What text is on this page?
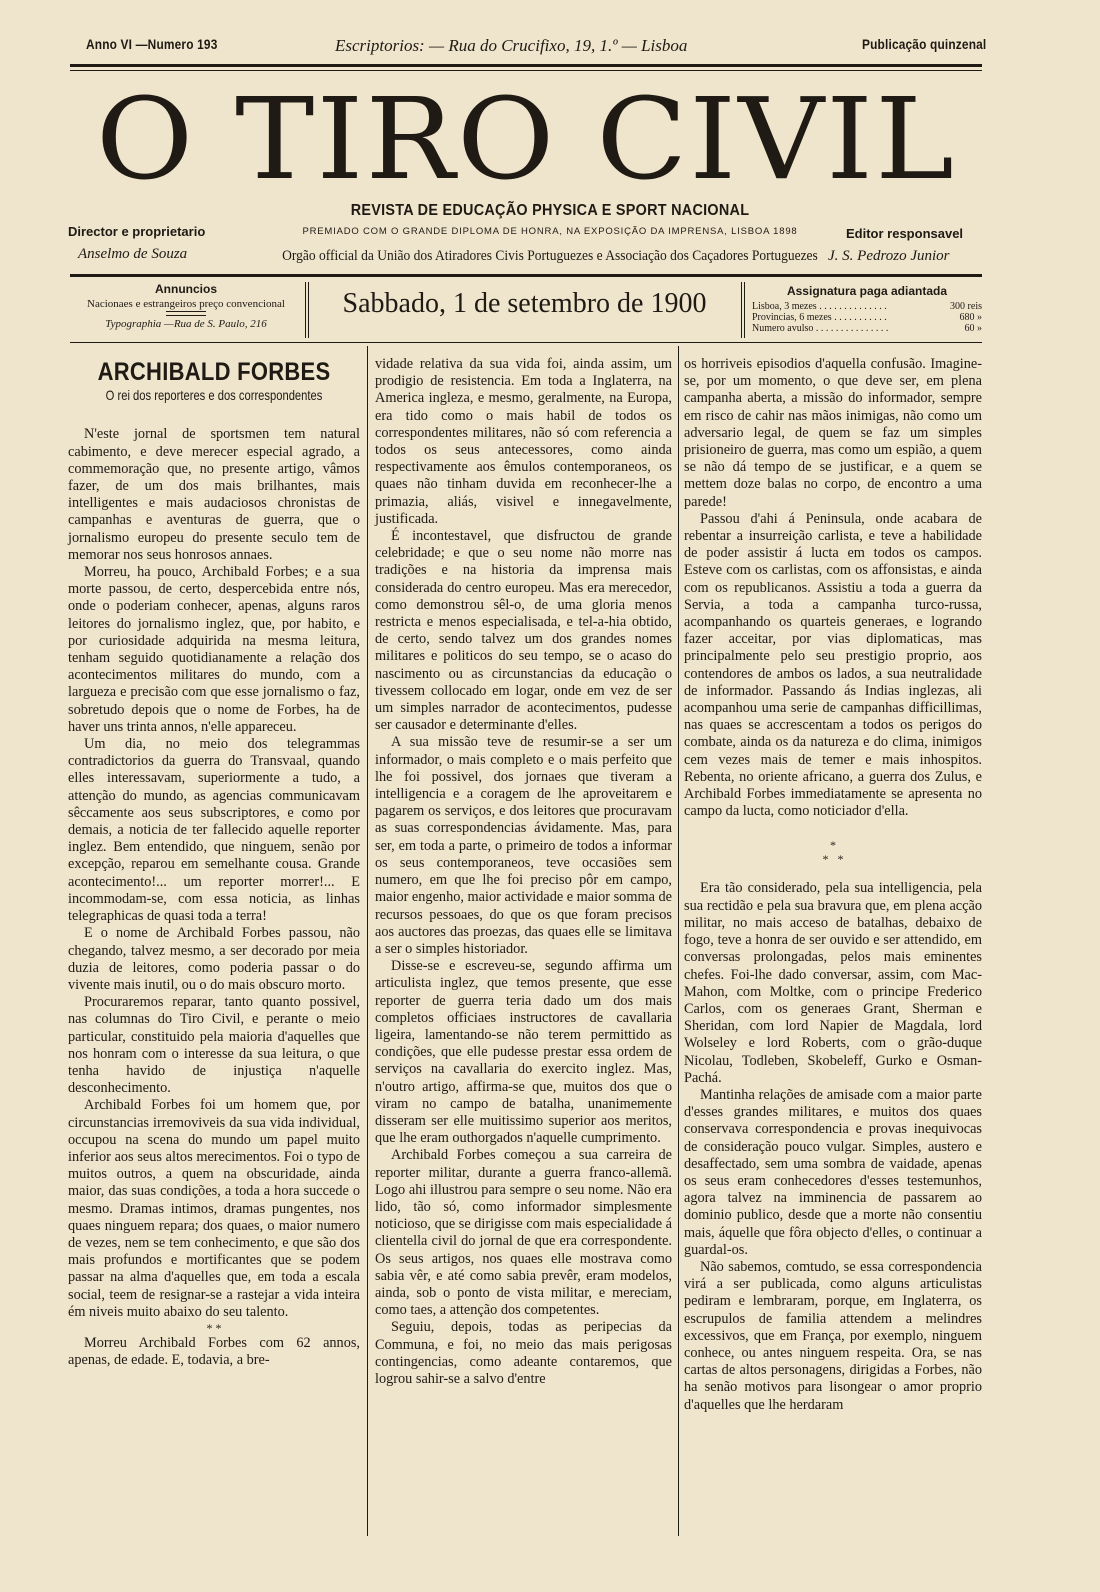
Anno VI —Numero 193	Escriptorios: — Rua do Crucifixo, 19, 1.º — Lisboa	Publicação quinzenal
O TIRO CIVIL
Director e proprietario
Anselmo de Souza
Editor responsavel
J. S. Pedrozo Junior
REVISTA DE EDUCAÇÃO PHYSICA E SPORT NACIONAL
PREMIADO COM O GRANDE DIPLOMA DE HONRA, NA EXPOSIÇÃO DA IMPRENSA, LISBOA 1898
Orgão official da União dos Atiradores Civis Portuguezes e Associação dos Caçadores Portuguezes
Annuncios
Nacionaes e estrangeiros preço convencional
Typographia —Rua de S. Paulo, 216
Sabbado, 1 de setembro de 1900	Assignatura paga adiantada
Lisboa, 3 mezes . . . . . . . . . . . . . .	300 reis
Provincias, 6 mezes . . . . . . . . . . .	680 »
Numero avulso . . . . . . . . . . . . . . .	60 »
ARCHIBALD FORBES
O rei dos reporteres e dos correspondentes

N'este jornal de sportsmen tem natural cabimento, e deve merecer especial agrado, a commemoração que, no presente artigo, vâmos fazer, de um dos mais brilhantes, mais intelligentes e mais audaciosos chronistas de campanhas e aventuras de guerra, que o jornalismo europeu do presente seculo tem de memorar nos seus honrosos annaes.

Morreu, ha pouco, Archibald Forbes; e a sua morte passou, de certo, despercebida entre nós, onde o poderiam conhecer, apenas, alguns raros leitores do jornalismo inglez, que, por habito, e por curiosidade adquirida na mesma leitura, tenham seguido quotidianamente a relação dos acontecimentos militares do mundo, com a largueza e precisão com que esse jornalismo o faz, sobretudo depois que o nome de Forbes, ha de haver uns trinta annos, n'elle appareceu.

Um dia, no meio dos telegrammas contradictorios da guerra do Transvaal, quando elles interessavam, superiormente a tudo, a attenção do mundo, as agencias communicavam sêccamente aos seus subscriptores, e como por demais, a noticia de ter fallecido aquelle reporter inglez. Bem entendido, que ninguem, senão por excepção, reparou em semelhante cousa. Grande acontecimento!... um reporter morrer!... E incommodam-se, com essa noticia, as linhas telegraphicas de quasi toda a terra!

E o nome de Archibald Forbes passou, não chegando, talvez mesmo, a ser decorado por meia duzia de leitores, como poderia passar o do vivente mais inutil, ou o do mais obscuro morto.

Procuraremos reparar, tanto quanto possivel, nas columnas do Tiro Civil, e perante o meio particular, constituido pela maioria d'aquelles que nos honram com o interesse da sua leitura, o que tenha havido de injustiça n'aquelle desconhecimento.

Archibald Forbes foi um homem que, por circunstancias irremoviveis da sua vida individual, occupou na scena do mundo um papel muito inferior aos seus altos merecimentos. Foi o typo de muitos outros, a quem na obscuridade, ainda maior, das suas condições, a toda a hora succede o mesmo. Dramas intimos, dramas pungentes, nos quaes ninguem repara; dos quaes, o maior numero de vezes, nem se tem conhecimento, e que são dos mais profundos e mortificantes que se podem passar na alma d'aquelles que, em toda a escala social, teem de resignar-se a rastejar a vida inteira ém niveis muito abaixo do seu talento.

* *

Morreu Archibald Forbes com 62 annos, apenas, de edade. E, todavia, a bre-

vidade relativa da sua vida foi, ainda assim, um prodigio de resistencia. Em toda a Inglaterra, na America ingleza, e mesmo, geralmente, na Europa, era tido como o mais habil de todos os correspondentes militares, não só com referencia a todos os seus antecessores, como ainda respectivamente aos êmulos contemporaneos, os quaes não tinham duvida em reconhecer-lhe a primazia, aliás, visivel e innegavelmente, justificada.

É incontestavel, que disfructou de grande celebridade; e que o seu nome não morre nas tradições e na historia da imprensa mais considerada do centro europeu. Mas era merecedor, como demonstrou sêl-o, de uma gloria menos restricta e menos especialisada, e tel-a-hia obtido, de certo, sendo talvez um dos grandes nomes militares e politicos do seu tempo, se o acaso do nascimento ou as circunstancias da educação o tivessem collocado em logar, onde em vez de ser um simples narrador de acontecimentos, pudesse ser causador e determinante d'elles.

A sua missão teve de resumir-se a ser um informador, o mais completo e o mais perfeito que lhe foi possivel, dos jornaes que tiveram a intelligencia e a coragem de lhe aproveitarem e pagarem os serviços, e dos leitores que procuravam as suas correspondencias ávidamente. Mas, para ser, em toda a parte, o primeiro de todos a informar os seus contemporaneos, teve occasiões sem numero, em que lhe foi preciso pôr em campo, maior engenho, maior actividade e maior somma de recursos pessoaes, do que os que foram precisos aos auctores das proezas, das quaes elle se limitava a ser o simples historiador.

Disse-se e escreveu-se, segundo affirma um articulista inglez, que temos presente, que esse reporter de guerra teria dado um dos mais completos officiaes instructores de cavallaria ligeira, lamentando-se não terem permittido as condições, que elle pudesse prestar essa ordem de serviços na cavallaria do exercito inglez. Mas, n'outro artigo, affirma-se que, muitos dos que o viram no campo de batalha, unanimemente disseram ser elle muitissimo superior aos meritos, que lhe eram outhorgados n'aquelle cumprimento.

Archibald Forbes começou a sua carreira de reporter militar, durante a guerra franco-allemã. Logo ahi illustrou para sempre o seu nome. Não era lido, tão só, como informador simplesmente noticioso, que se dirigisse com mais especialidade á clientella civil do jornal de que era correspondente. Os seus artigos, nos quaes elle mostrava como sabia vêr, e até como sabia prevêr, eram modelos, ainda, sob o ponto de vista militar, e mereciam, como taes, a attenção dos competentes.

Seguiu, depois, todas as peripecias da Communa, e foi, no meio das mais perigosas contingencias, como adeante contaremos, que logrou sahir-se a salvo d'entre

os horriveis episodios d'aquella confusão. Imagine-se, por um momento, o que deve ser, em plena campanha aberta, a missão do informador, sempre em risco de cahir nas mãos inimigas, não como um adversario legal, de quem se faz um simples prisioneiro de guerra, mas como um espião, a quem se não dá tempo de se justificar, e a quem se mettem doze balas no corpo, de encontro a uma parede!

Passou d'ahi á Peninsula, onde acabara de rebentar a insurreição carlista, e teve a habilidade de poder assistir á lucta em todos os campos. Esteve com os carlistas, com os affonsistas, e ainda com os republicanos. Assistiu a toda a guerra da Servia, a toda a campanha turco-russa, acompanhando os quarteis generaes, e logrando fazer acceitar, por vias diplomaticas, mas principalmente pelo seu prestigio proprio, aos contendores de ambos os lados, a sua neutralidade de informador. Passando ás Indias inglezas, ali acompanhou uma serie de campanhas difficillimas, nas quaes se accrescentam a todos os perigos do combate, ainda os da natureza e do clima, inimigos cem vezes mais de temer e mais inhospitos. Rebenta, no oriente africano, a guerra dos Zulus, e Archibald Forbes immediatamente se apresenta no campo da lucta, como noticiador d'ella.

*
*   *

Era tão considerado, pela sua intelligencia, pela sua rectidão e pela sua bravura que, em plena acção militar, no mais acceso de batalhas, debaixo de fogo, teve a honra de ser ouvido e ser attendido, em conversas prolongadas, pelos mais eminentes chefes. Foi-lhe dado conversar, assim, com Mac-Mahon, com Moltke, com o principe Frederico Carlos, com os generaes Grant, Sherman e Sheridan, com lord Napier de Magdala, lord Wolseley e lord Roberts, com o grão-duque Nicolau, Todleben, Skobeleff, Gurko e Osman-Pachá.

Mantinha relações de amisade com a maior parte d'esses grandes militares, e muitos dos quaes conservava correspondencia e provas inequivocas de consideração pouco vulgar. Simples, austero e desaffectado, sem uma sombra de vaidade, apenas os seus eram conhecedores d'esses testemunhos, agora talvez na imminencia de passarem ao dominio publico, desde que a morte não consentiu mais, áquelle que fôra objecto d'elles, o continuar a guardal-os.

Não sabemos, comtudo, se essa correspondencia virá a ser publicada, como alguns articulistas pediram e lembraram, porque, em Inglaterra, os escrupulos de familia attendem a melindres excessivos, que em França, por exemplo, ninguem conhece, ou antes ninguem respeita. Ora, se nas cartas de altos personagens, dirigidas a Forbes, não ha senão motivos para lisongear o amor proprio d'aquelles que lhe herdaram
